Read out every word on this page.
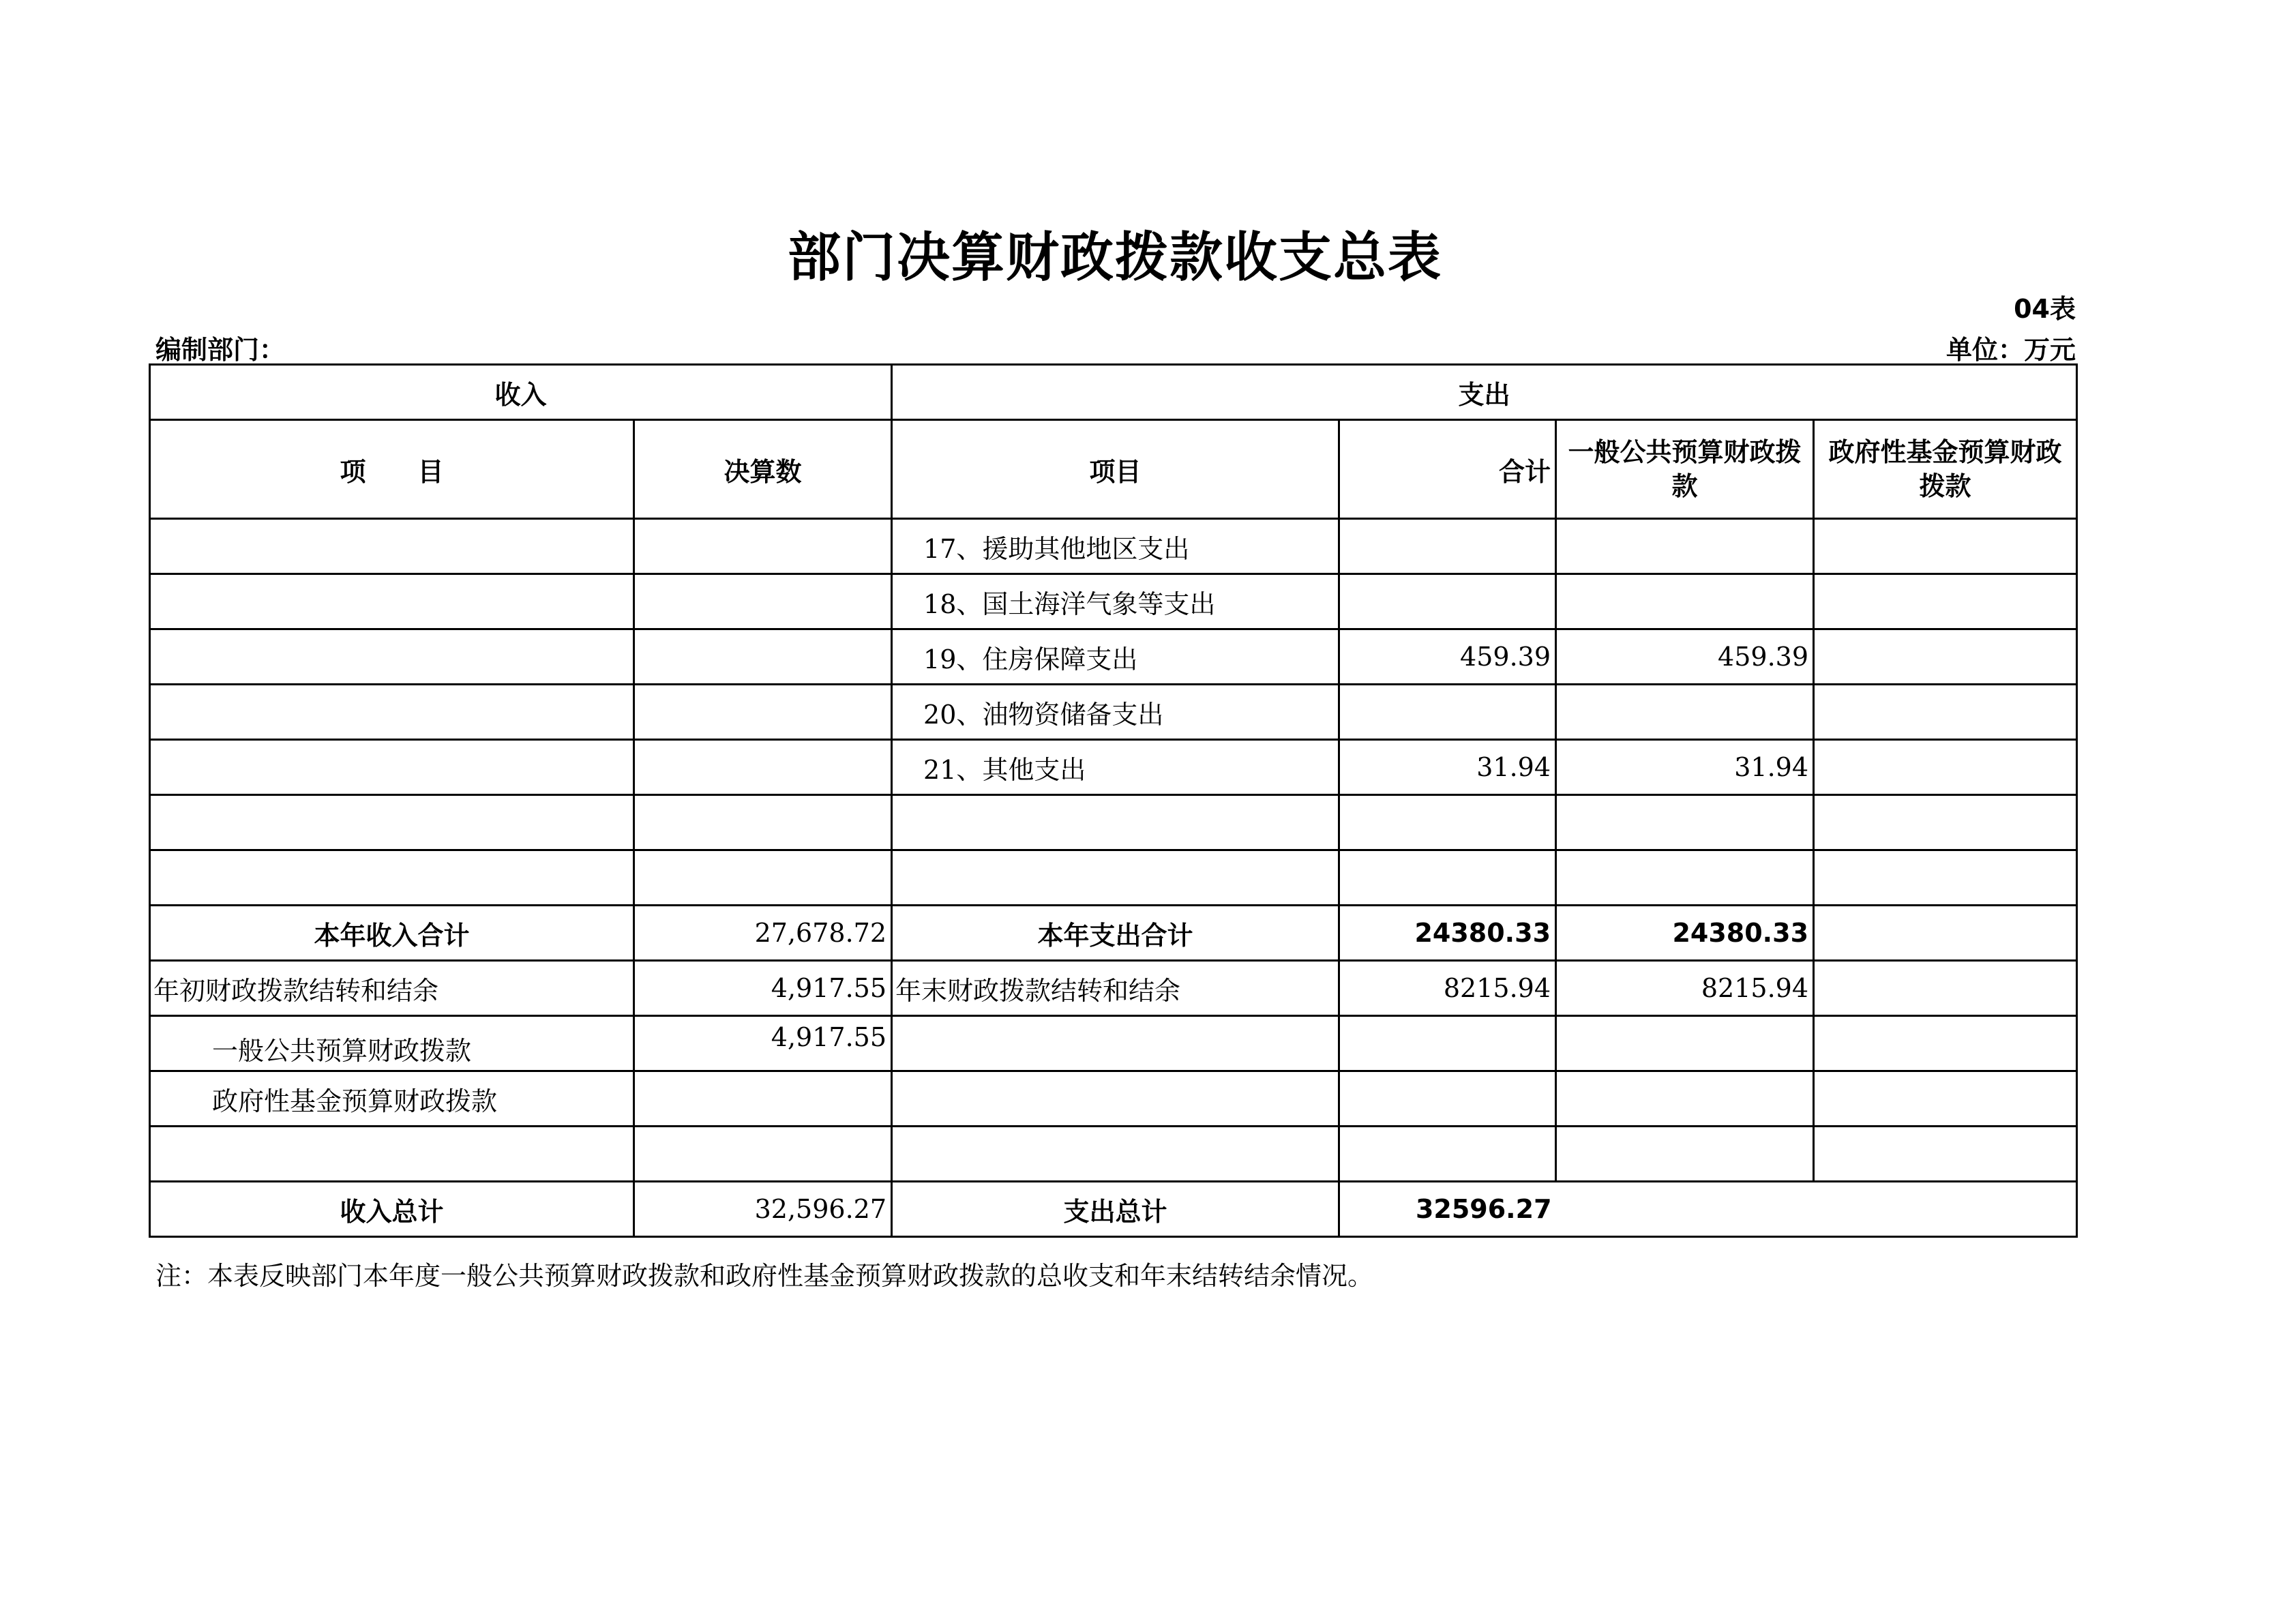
部门决算财政拨款收支总表
04表
编制部门：	单位：万元
收入		支出			
项　　目	决算数	项目	合计	一般公共预算财政拨款	政府性基金预算财政拨款
		17、援助其他地区支出			
		18、国土海洋气象等支出			
		19、住房保障支出	459.39	459.39	
		20、油物资储备支出			
		21、其他支出	31.94	31.94	

本年收入合计	27,678.72	本年支出合计	24380.33	24380.33	
年初财政拨款结转和结余	4,917.55	年末财政拨款结转和结余	8215.94	8215.94	
一般公共预算财政拨款	4,917.55				
政府性基金预算财政拨款					

收入总计	32,596.27	支出总计	32596.27		
注：本表反映部门本年度一般公共预算财政拨款和政府性基金预算财政拨款的总收支和年末结转结余情况。
